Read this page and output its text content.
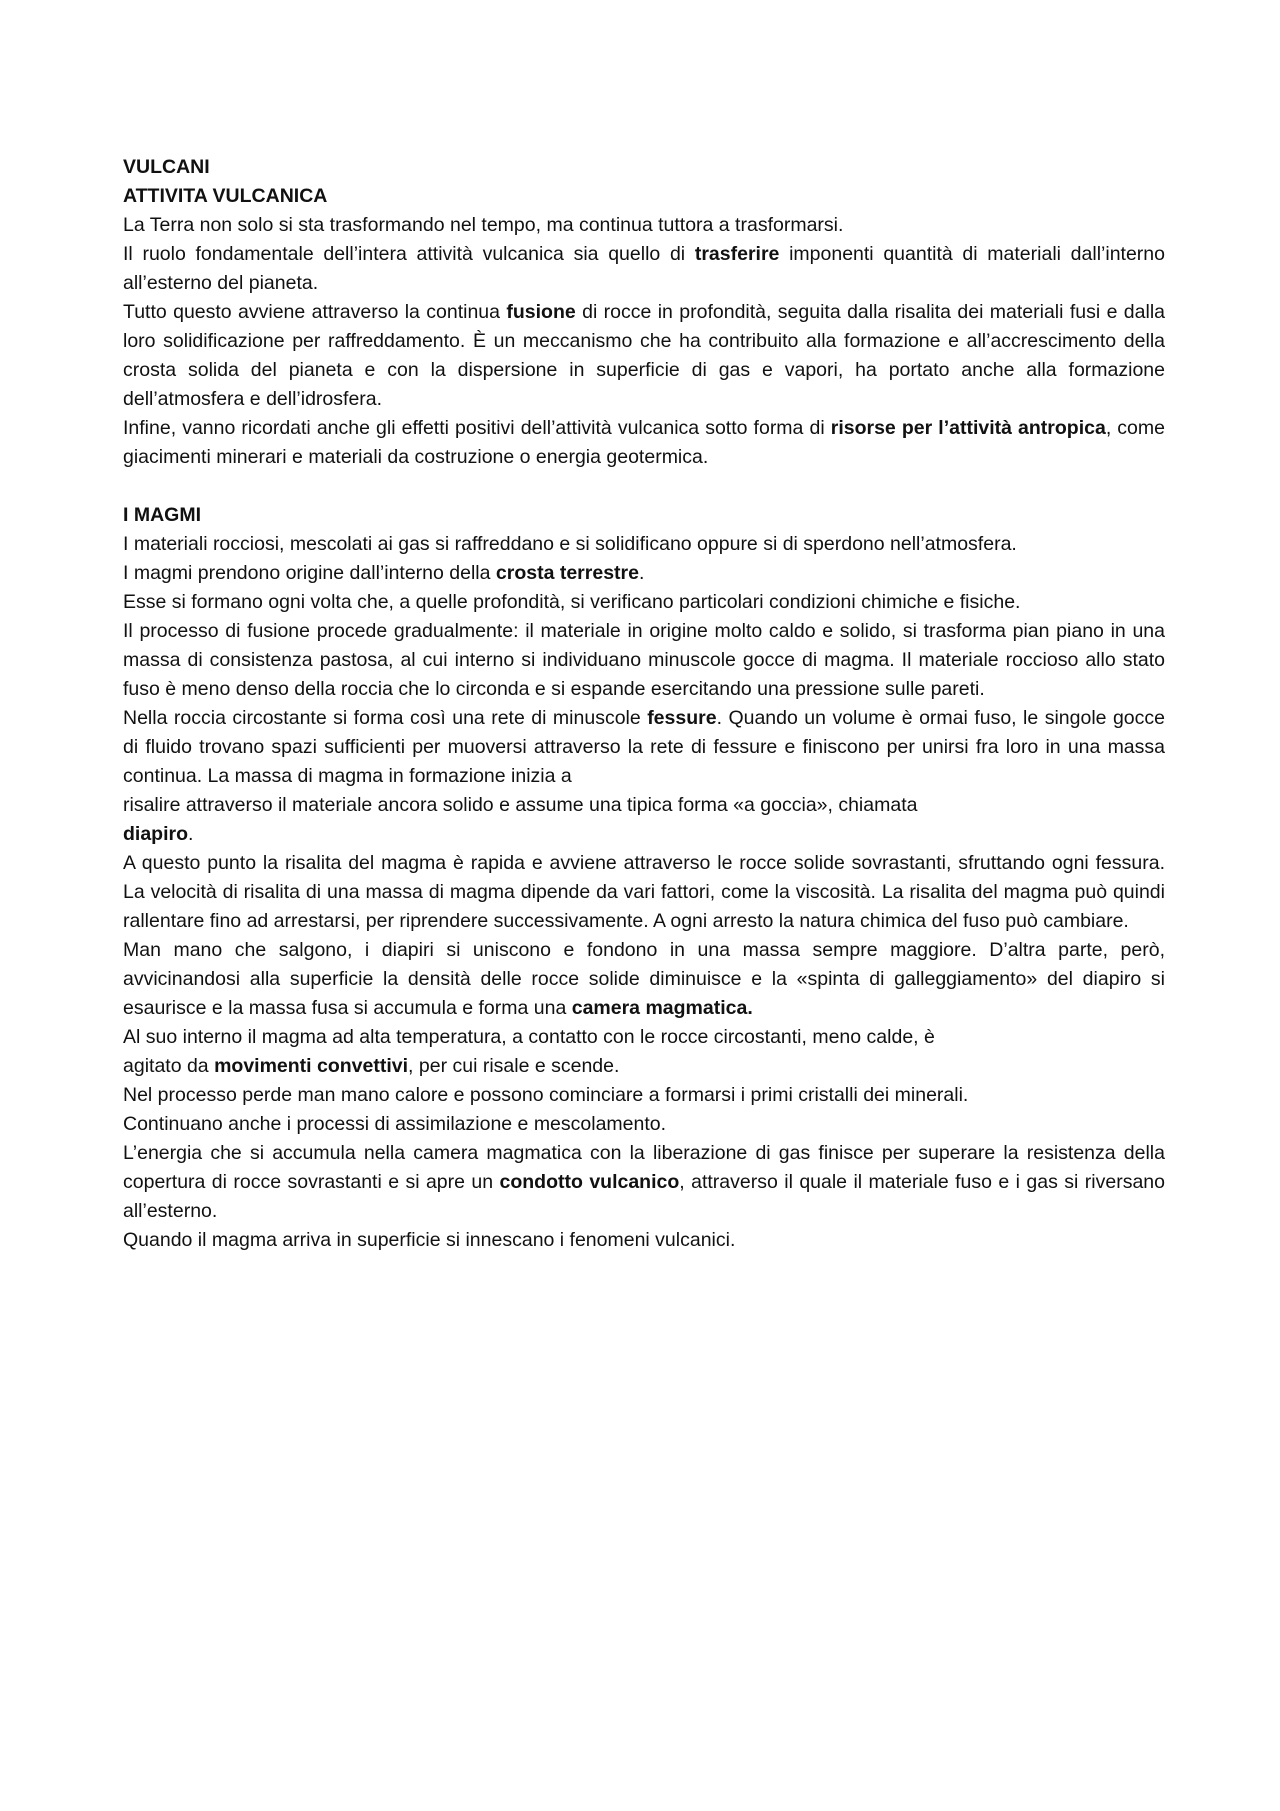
VULCANI

ATTIVITA VULCANICA

La Terra non solo si sta trasformando nel tempo, ma continua tuttora a trasformarsi.

Il ruolo fondamentale dell’intera attività vulcanica sia quello di trasferire imponenti quantità di materiali dall’interno all’esterno del pianeta.

Tutto questo avviene attraverso la continua fusione di rocce in profondità, seguita dalla risalita dei materiali fusi e dalla loro solidificazione per raffreddamento. È un meccanismo che ha contribuito alla formazione e all’accrescimento della crosta solida del pianeta e con la dispersione in superficie di gas e vapori, ha portato anche alla formazione dell’atmosfera e dell’idrosfera.

Infine, vanno ricordati anche gli effetti positivi dell’attività vulcanica sotto forma di risorse per l’attività antropica, come giacimenti minerari e materiali da costruzione o energia geotermica.

I MAGMI

I materiali rocciosi, mescolati ai gas si raffreddano e si solidificano oppure si di sperdono nell’atmosfera.

I magmi prendono origine dall’interno della crosta terrestre.

Esse si formano ogni volta che, a quelle profondità, si verificano particolari condizioni chimiche e fisiche.

Il processo di fusione procede gradualmente: il materiale in origine molto caldo e solido, si trasforma pian piano in una massa di consistenza pastosa, al cui interno si individuano minuscole gocce di magma. Il materiale roccioso allo stato fuso è meno denso della roccia che lo circonda e si espande esercitando una pressione sulle pareti.

Nella roccia circostante si forma così una rete di minuscole fessure. Quando un volume è ormai fuso, le singole gocce di fluido trovano spazi sufficienti per muoversi attraverso la rete di fessure e finiscono per unirsi fra loro in una massa continua. La massa di magma in formazione inizia a

risalire attraverso il materiale ancora solido e assume una tipica forma «a goccia», chiamata

diapiro.

A questo punto la risalita del magma è rapida e avviene attraverso le rocce solide sovrastanti, sfruttando ogni fessura. La velocità di risalita di una massa di magma dipende da vari fattori, come la viscosità. La risalita del magma può quindi rallentare fino ad arrestarsi, per riprendere successivamente. A ogni arresto la natura chimica del fuso può cambiare.

Man mano che salgono, i diapiri si uniscono e fondono in una massa sempre maggiore. D’altra parte, però, avvicinandosi alla superficie la densità delle rocce solide diminuisce e la «spinta di galleggiamento» del diapiro si esaurisce e la massa fusa si accumula e forma una camera magmatica.

Al suo interno il magma ad alta temperatura, a contatto con le rocce circostanti, meno calde, è

agitato da movimenti convettivi, per cui risale e scende.

Nel processo perde man mano calore e possono cominciare a formarsi i primi cristalli dei minerali.

Continuano anche i processi di assimilazione e mescolamento.

L’energia che si accumula nella camera magmatica con la liberazione di gas finisce per superare la resistenza della copertura di rocce sovrastanti e si apre un condotto vulcanico, attraverso il quale il materiale fuso e i gas si riversano all’esterno.

Quando il magma arriva in superficie si innescano i fenomeni vulcanici.
